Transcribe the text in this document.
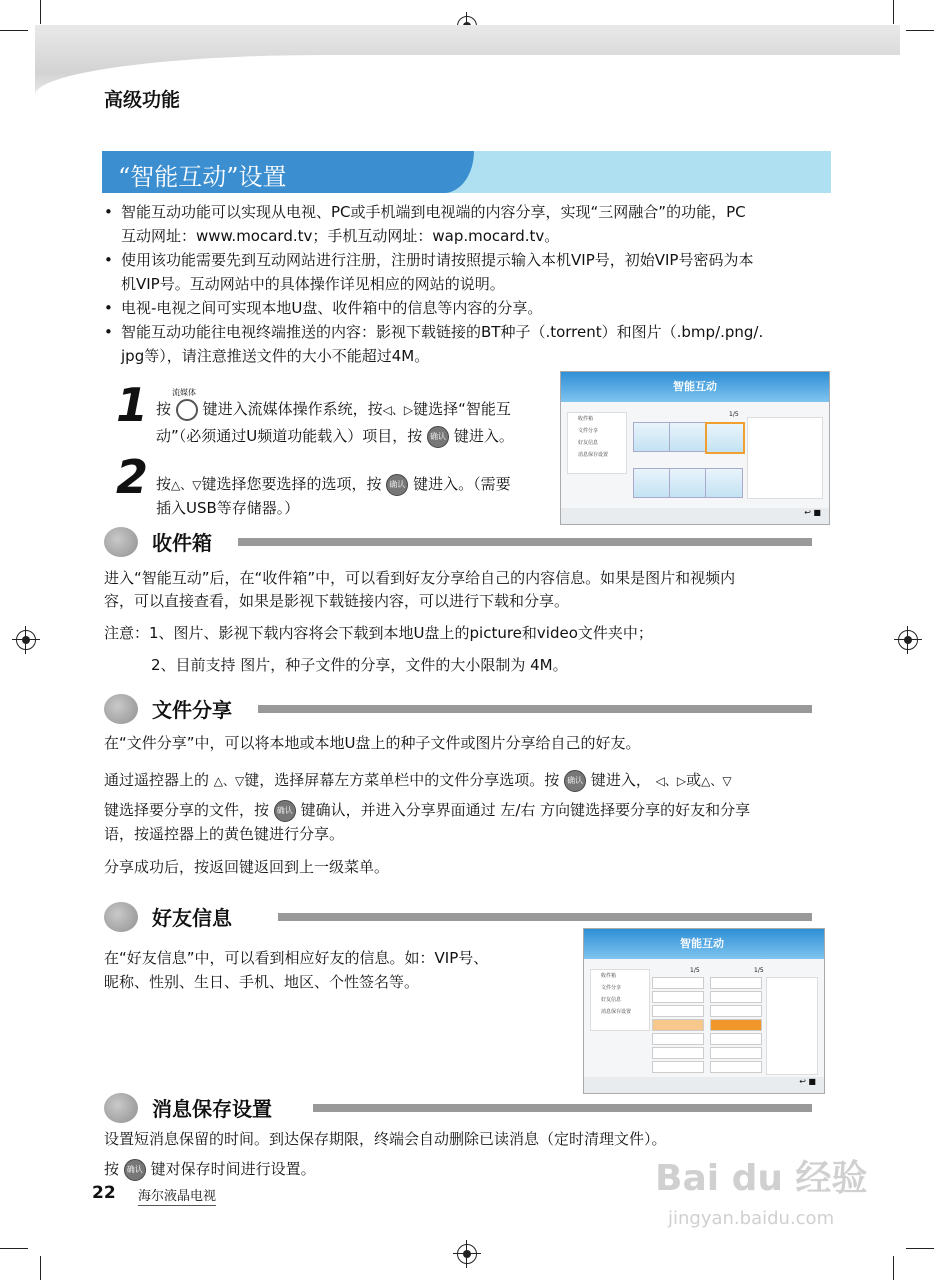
高级功能
“智能互动”设置
• 智能互动功能可以实现从电视、PC或手机端到电视端的内容分享，实现“三网融合”的功能，PC
互动网址：www.mocard.tv；手机互动网址：wap.mocard.tv。
• 使用该功能需要先到互动网站进行注册，注册时请按照提示输入本机VIP号，初始VIP号密码为本
机VIP号。互动网站中的具体操作详见相应的网站的说明。
• 电视-电视之间可实现本地U盘、收件箱中的信息等内容的分享。
• 智能互动功能往电视终端推送的内容：影视下载链接的BT种子（.torrent）和图片（.bmp/.png/.
jpg等），请注意推送文件的大小不能超过4M。
1	流媒体
按 键进入流媒体操作系统，按◁、▷键选择“智能互
动”（必须通过U频道功能载入）项目，按 确认 键进入。
2 按△、▽键选择您要选择的选项，按 确认 键进入。（需要
插入USB等存储器。）
智能互动
收件箱
文件分享
好友信息
消息保存设置
1/5
↩ ■
收件箱
进入“智能互动”后，在“收件箱”中，可以看到好友分享给自己的内容信息。如果是图片和视频内
容，可以直接查看，如果是影视下载链接内容，可以进行下载和分享。
注意：1、图片、影视下载内容将会下载到本地U盘上的picture和video文件夹中；
2、目前支持 图片，种子文件的分享，文件的大小限制为 4M。
文件分享
在“文件分享”中，可以将本地或本地U盘上的种子文件或图片分享给自己的好友。
通过遥控器上的 △、▽键，选择屏幕左方菜单栏中的文件分享选项。按 确认 键进入， ◁、▷或△、▽
键选择要分享的文件，按 确认 键确认，并进入分享界面通过 左/右 方向键选择要分享的好友和分享
语，按遥控器上的黄色键进行分享。
分享成功后，按返回键返回到上一级菜单。
好友信息
在“好友信息”中，可以看到相应好友的信息。如：VIP号、
昵称、性别、生日、手机、地区、个性签名等。
智能互动
收件箱
文件分享
好友信息
消息保存设置
1/5	1/5
↩ ■
消息保存设置
设置短消息保留的时间。到达保存期限，终端会自动删除已读消息（定时清理文件）。
按 确认 键对保存时间进行设置。
22 海尔液晶电视	Bai du 经验
jingyan.baidu.com
